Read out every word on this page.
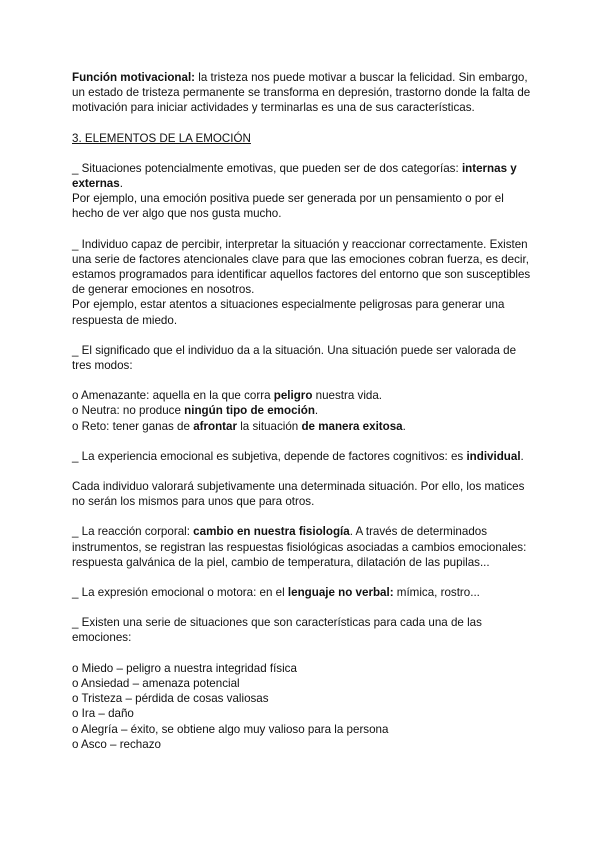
Función motivacional: la tristeza nos puede motivar a buscar la felicidad. Sin embargo, un estado de tristeza permanente se transforma en depresión, trastorno donde la falta de motivación para iniciar actividades y terminarlas es una de sus características.

3. ELEMENTOS DE LA EMOCIÓN

_ Situaciones potencialmente emotivas, que pueden ser de dos categorías: internas y externas.

Por ejemplo, una emoción positiva puede ser generada por un pensamiento o por el hecho de ver algo que nos gusta mucho.

_ Individuo capaz de percibir, interpretar la situación y reaccionar correctamente. Existen una serie de factores atencionales clave para que las emociones cobran fuerza, es decir, estamos programados para identificar aquellos factores del entorno que son susceptibles de generar emociones en nosotros.

Por ejemplo, estar atentos a situaciones especialmente peligrosas para generar una respuesta de miedo.

_ El significado que el individuo da a la situación. Una situación puede ser valorada de tres modos:

o Amenazante: aquella en la que corra peligro nuestra vida.

o Neutra: no produce ningún tipo de emoción.

o Reto: tener ganas de afrontar la situación de manera exitosa.

_ La experiencia emocional es subjetiva, depende de factores cognitivos: es individual.

Cada individuo valorará subjetivamente una determinada situación. Por ello, los matices no serán los mismos para unos que para otros.

_ La reacción corporal: cambio en nuestra fisiología. A través de determinados instrumentos, se registran las respuestas fisiológicas asociadas a cambios emocionales: respuesta galvánica de la piel, cambio de temperatura, dilatación de las pupilas...

_ La expresión emocional o motora: en el lenguaje no verbal: mímica, rostro...

_ Existen una serie de situaciones que son características para cada una de las emociones:

o Miedo – peligro a nuestra integridad física

o Ansiedad – amenaza potencial

o Tristeza – pérdida de cosas valiosas

o Ira – daño

o Alegría – éxito, se obtiene algo muy valioso para la persona

o Asco – rechazo
